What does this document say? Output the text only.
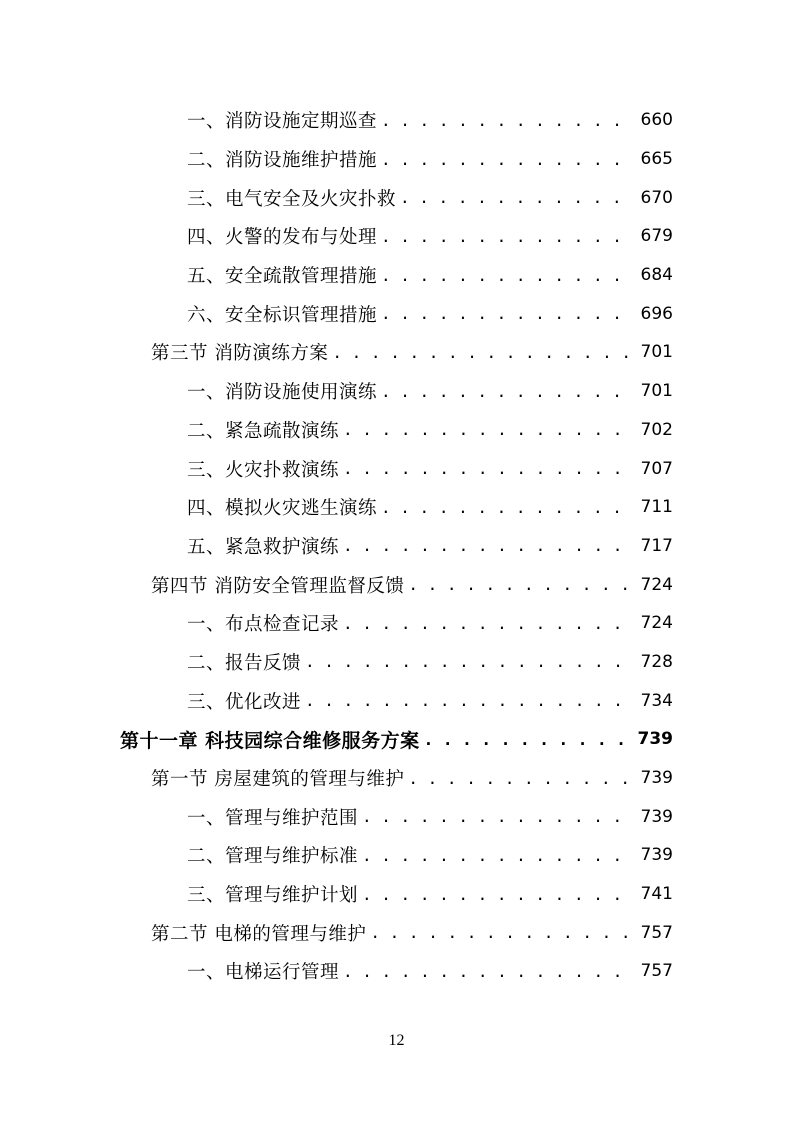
一、消防设施定期巡查 . . .	660
二、消防设施维护措施 . . .	665
三、电气安全及火灾扑救 . . .	670
四、火警的发布与处理 . . .	679
五、安全疏散管理措施 . . .	684
六、安全标识管理措施 . . .	696
第三节 消防演练方案 . . .	701
一、消防设施使用演练 . . .	701
二、紧急疏散演练 . . .	702
三、火灾扑救演练 . . .	707
四、模拟火灾逃生演练 . . .	711
五、紧急救护演练 . . .	717
第四节 消防安全管理监督反馈 . . .	724
一、布点检查记录 . . .	724
二、报告反馈 . . .	728
三、优化改进 . . .	734
第十一章 科技园综合维修服务方案 . . .	739
第一节 房屋建筑的管理与维护 . . .	739
一、管理与维护范围 . . .	739
二、管理与维护标准 . . .	739
三、管理与维护计划 . . .	741
第二节 电梯的管理与维护 . . .	757
一、电梯运行管理 . . .	757
12
